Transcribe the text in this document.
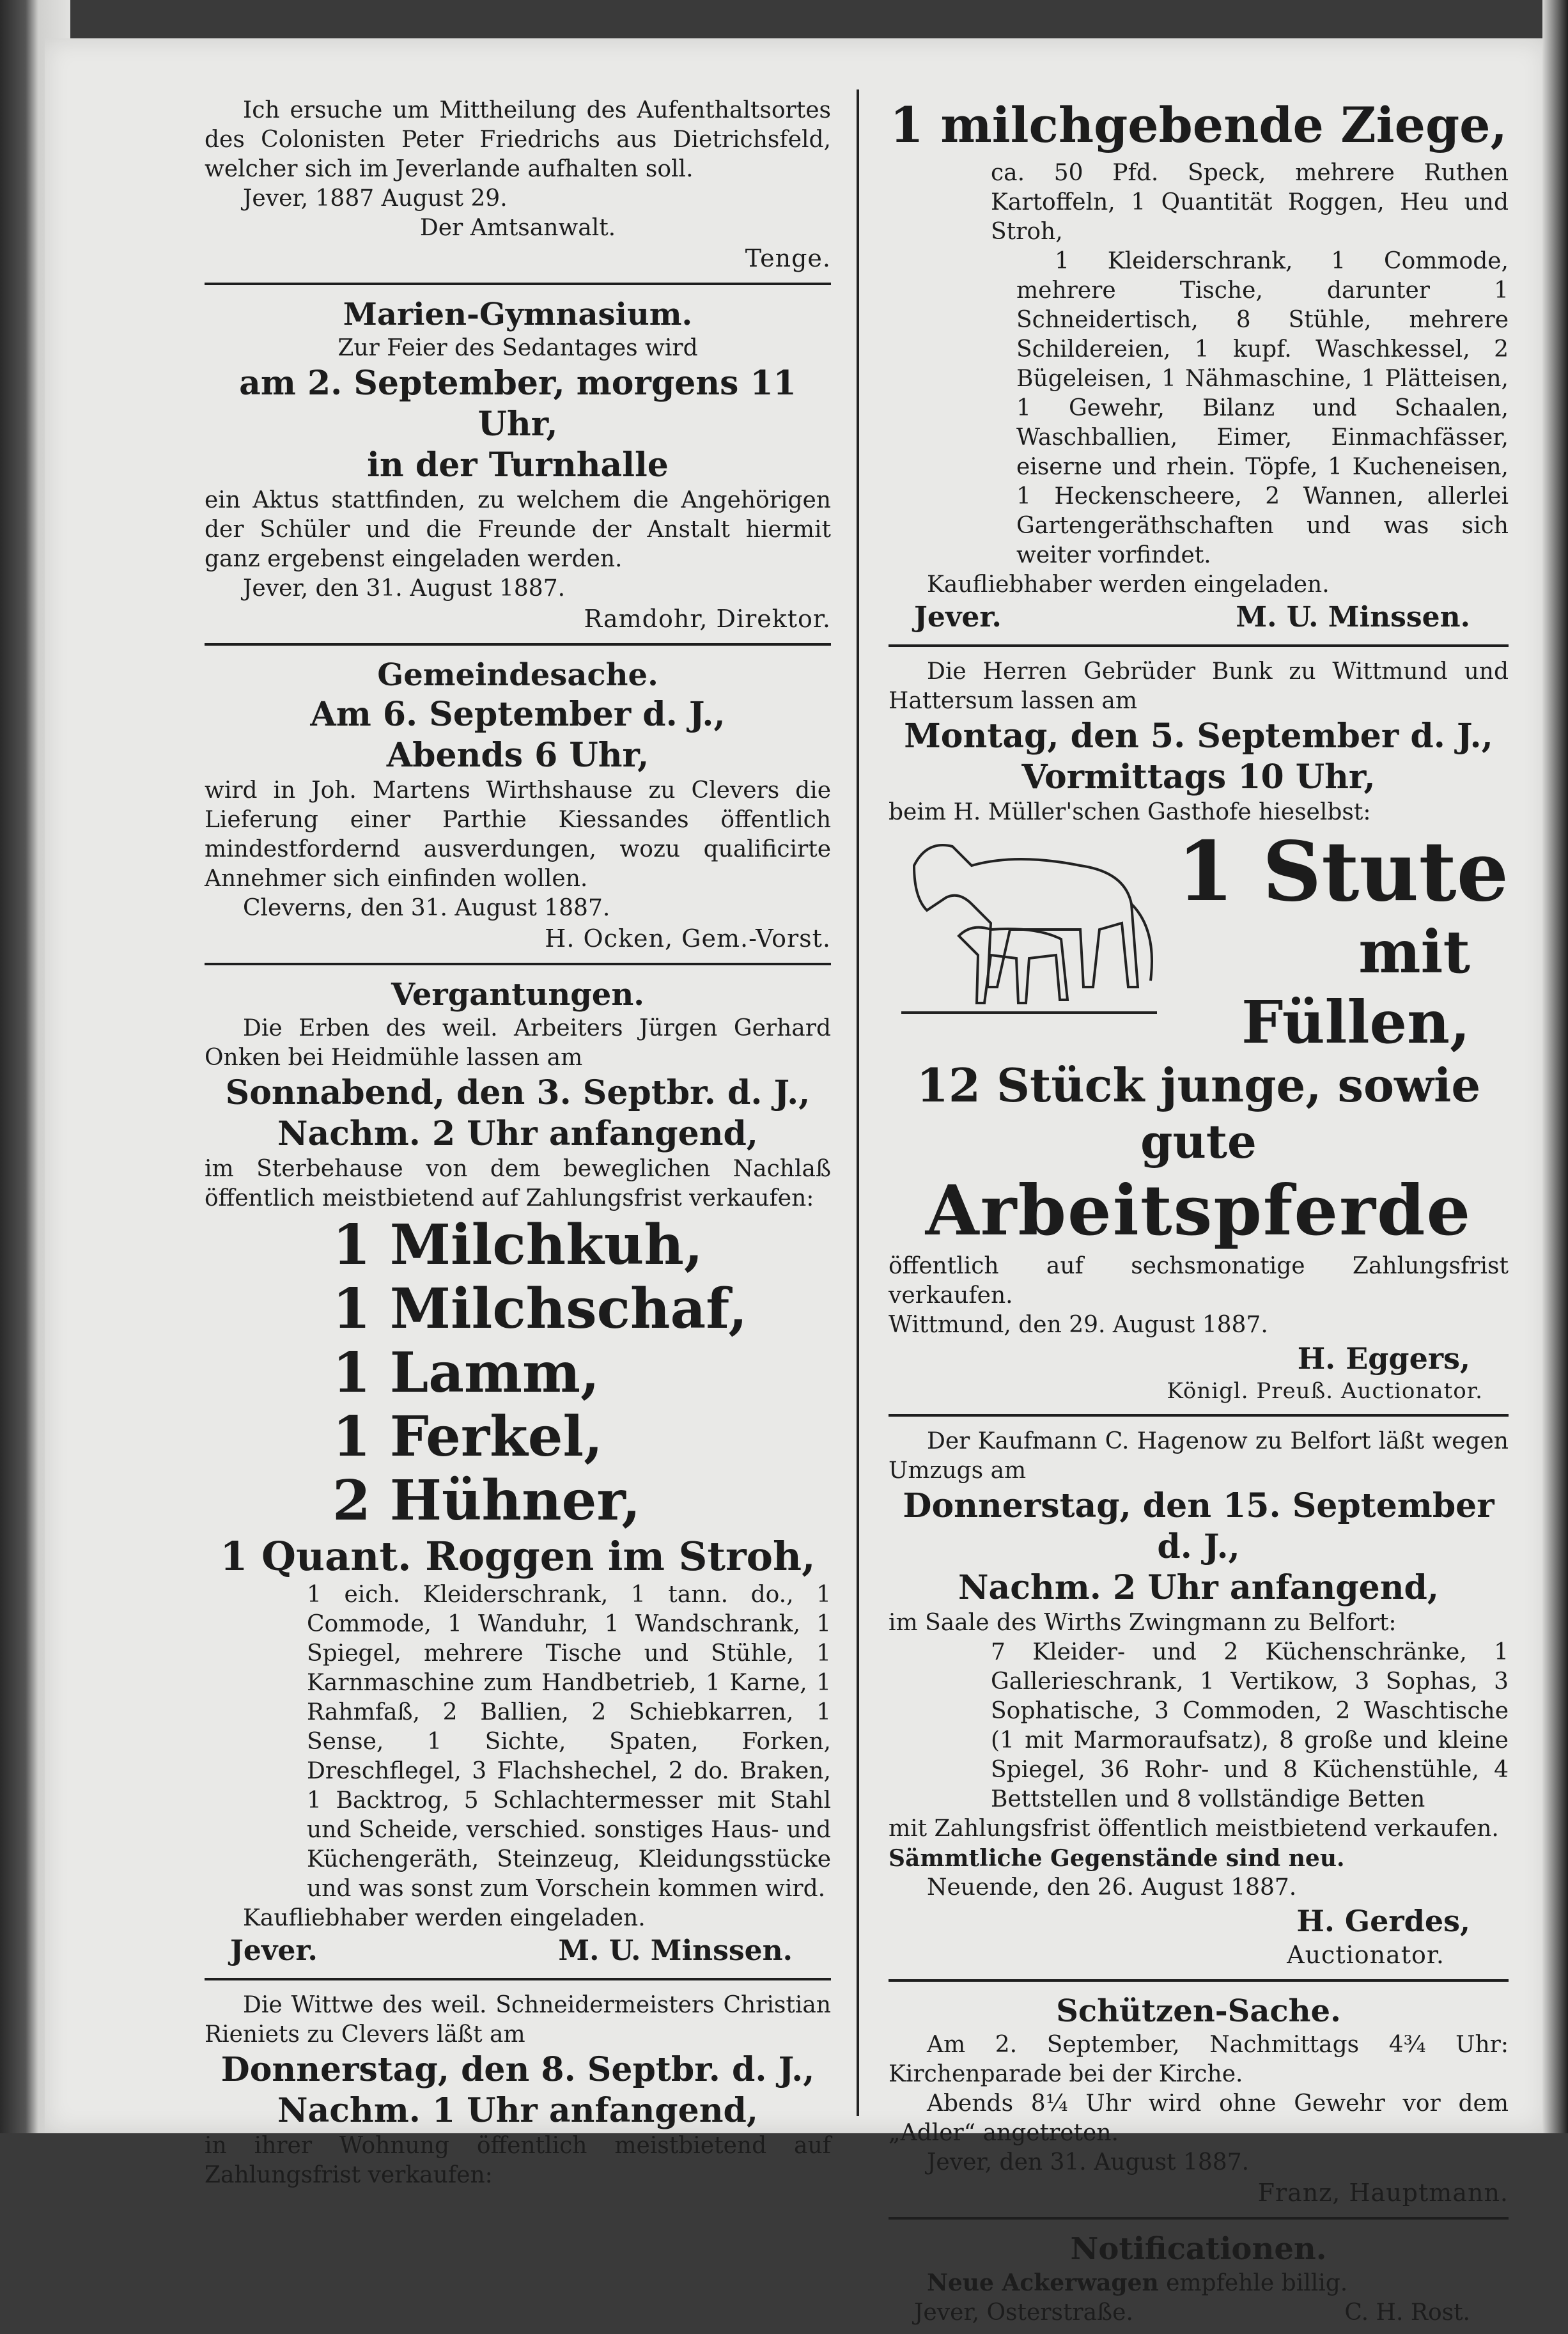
Ich ersuche um Mittheilung des Aufenthaltsortes des Colonisten Peter Friedrichs aus Dietrichsfeld, welcher sich im Jeverlande aufhalten soll.
Jever, 1887 August 29.
Der Amtsanwalt.
Tenge.
Marien-Gymnasium.
Zur Feier des Sedantages wird
am 2. September, morgens 11 Uhr,
in der Turnhalle
ein Aktus stattfinden, zu welchem die Angehörigen der Schüler und die Freunde der Anstalt hiermit ganz ergebenst eingeladen werden.
Jever, den 31. August 1887.
Ramdohr, Direktor.
Gemeindesache.
Am 6. September d. J.,
Abends 6 Uhr,
wird in Joh. Martens Wirthshause zu Clevers die Lieferung einer Parthie Kiessandes öffentlich mindestfordernd ausverdungen, wozu qualificirte Annehmer sich einfinden wollen.
Cleverns, den 31. August 1887.
H. Ocken, Gem.-Vorst.
Vergantungen.
Die Erben des weil. Arbeiters Jürgen Gerhard Onken bei Heidmühle lassen am
Sonnabend, den 3. Septbr. d. J.,
Nachm. 2 Uhr anfangend,
im Sterbehause von dem beweglichen Nachlaß öffentlich meistbietend auf Zahlungsfrist verkaufen:
1 Milchkuh,
1 Milchschaf,
1 Lamm,
1 Ferkel,
2 Hühner,
1 Quant. Roggen im Stroh,
1 eich. Kleiderschrank, 1 tann. do., 1 Commode, 1 Wanduhr, 1 Wandschrank, 1 Spiegel, mehrere Tische und Stühle, 1 Karnmaschine zum Handbetrieb, 1 Karne, 1 Rahmfaß, 2 Ballien, 2 Schiebkarren, 1 Sense, 1 Sichte, Spaten, Forken, Dreschflegel, 3 Flachshechel, 2 do. Braken, 1 Backtrog, 5 Schlachtermesser mit Stahl und Scheide, verschied. sonstiges Haus- und Küchengeräth, Steinzeug, Kleidungsstücke und was sonst zum Vorschein kommen wird.
Kaufliebhaber werden eingeladen.
Jever.	M. U. Minssen.
Die Wittwe des weil. Schneidermeisters Christian Rieniets zu Clevers läßt am
Donnerstag, den 8. Septbr. d. J.,
Nachm. 1 Uhr anfangend,
in ihrer Wohnung öffentlich meistbietend auf Zahlungsfrist verkaufen:
1 milchgebende Ziege,
ca. 50 Pfd. Speck, mehrere Ruthen Kartoffeln, 1 Quantität Roggen, Heu und Stroh,
1 Kleiderschrank, 1 Commode, mehrere Tische, darunter 1 Schneidertisch, 8 Stühle, mehrere Schildereien, 1 kupf. Waschkessel, 2 Bügeleisen, 1 Nähmaschine, 1 Plätteisen, 1 Gewehr, Bilanz und Schaalen, Waschballien, Eimer, Einmachfässer, eiserne und rhein. Töpfe, 1 Kucheneisen, 1 Heckenscheere, 2 Wannen, allerlei Gartengeräthschaften und was sich weiter vorfindet.
Kaufliebhaber werden eingeladen.
Jever.	M. U. Minssen.
Die Herren Gebrüder Bunk zu Wittmund und Hattersum lassen am
Montag, den 5. September d. J.,
Vormittags 10 Uhr,
beim H. Müller'schen Gasthofe hieselbst:
1 Stute
mit Füllen,
12 Stück junge, sowie gute
Arbeitspferde
öffentlich auf sechsmonatige Zahlungsfrist verkaufen.
Wittmund, den 29. August 1887.
H. Eggers,
Königl. Preuß. Auctionator.
Der Kaufmann C. Hagenow zu Belfort läßt wegen Umzugs am
Donnerstag, den 15. September d. J.,
Nachm. 2 Uhr anfangend,
im Saale des Wirths Zwingmann zu Belfort:
7 Kleider- und 2 Küchenschränke, 1 Gallerieschrank, 1 Vertikow, 3 Sophas, 3 Sophatische, 3 Commoden, 2 Waschtische (1 mit Marmoraufsatz), 8 große und kleine Spiegel, 36 Rohr- und 8 Küchenstühle, 4 Bettstellen und 8 vollständige Betten
mit Zahlungsfrist öffentlich meistbietend verkaufen.
Sämmtliche Gegenstände sind neu.
Neuende, den 26. August 1887.
H. Gerdes,
Auctionator.
Schützen-Sache.
Am 2. September, Nachmittags 4¾ Uhr: Kirchenparade bei der Kirche.
Abends 8¼ Uhr wird ohne Gewehr vor dem „Adler“ angetreten.
Jever, den 31. August 1887.
Franz, Hauptmann.
Notificationen.
Neue Ackerwagen empfehle billig.
Jever, Osterstraße.	C. H. Rost.
